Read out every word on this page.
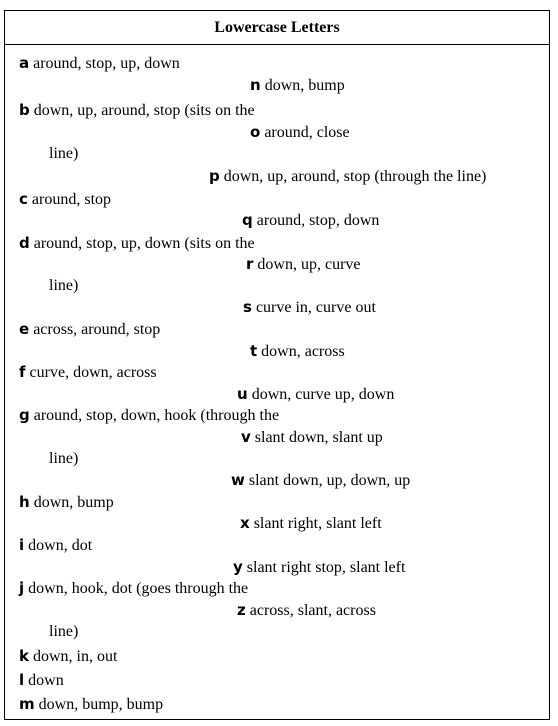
Lowercase Letters
a around, stop, up, down
n down, bump
b down, up, around, stop (sits on the
o around, close
line)
p down, up, around, stop (through the line)
c around, stop
q around, stop, down
d around, stop, up, down (sits on the
r down, up, curve
line)
s curve in, curve out
e across, around, stop
t down, across
f curve, down, across
u down, curve up, down
g around, stop, down, hook (through the
v slant down, slant up
line)
w slant down, up, down, up
h down, bump
x slant right, slant left
i down, dot
y slant right stop, slant left
j down, hook, dot (goes through the
z across, slant, across
line)
k down, in, out
l down
m down, bump, bump
